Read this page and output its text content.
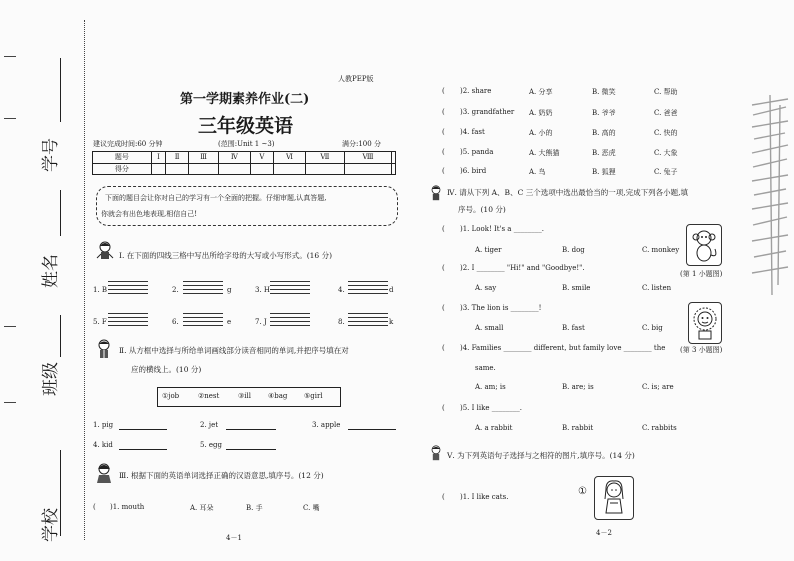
学校
班级
姓名
学号
人教PEP版
第一学期素养作业(二)
三年级英语
建议完成时间:60 分钟	(范围:Unit 1 ~3)	满分:100 分
题号	Ⅰ	Ⅱ	Ⅲ	Ⅳ	Ⅴ	Ⅵ	Ⅶ	Ⅷ	
得分									
下面的题目会让你对自己的学习有一个全面的把握。仔细审题,认真答题,
你就会有出色地表现,相信自己!
Ⅰ. 在下面的四线三格中写出所给字母的大写或小写形式。(16 分)
1. B	2.	g	3. H	4.	d
5. F	6.	e	7. J	8.	k
Ⅱ. 从方框中选择与所给单词画线部分读音相同的单词,并把序号填在对
应的横线上。(10 分)
①job	②nest	③ill ④bag ⑤girl
1. pig	2. jet	3. apple
4. kid	5. egg
Ⅲ. 根据下面的英语单词选择正确的汉语意思,填序号。(12 分)
( )1. mouth	A. 耳朵	B. 手	C. 嘴
4－1
( )2. share	A. 分享	B. 微笑	C. 帮助
( )3. grandfather A. 奶奶	B. 爷爷	C. 爸爸
( )4. fast	A. 小的	B. 高的	C. 快的
( )5. panda	A. 大熊猫	B. 恶虎	C. 大象
( )6. bird	A. 鸟	B. 狐狸	C. 兔子
Ⅳ. 请从下列 A、B、C 三个选项中选出最恰当的一项,完成下列各小题,填
序号。(10 分)
( )1. Look! It's a ________.
A. tiger	B. dog	C. monkey
(第 1 小题图)
( )2. I ________ "Hi!" and "Goodbye!".
A. say	B. smile	C. listen
( )3. The lion is ________!
A. small	B. fast	C. big
(第 3 小题图)
( )4. Families ________ different, but family love ________ the
same.
A. am; is	B. are; is	C. is; are
( )5. I like ________.
A. a rabbit	B. rabbit	C. rabbits
Ⅴ. 为下列英语句子选择与之相符的图片,填序号。(14 分)
( )1. I like cats.	①
4－2
